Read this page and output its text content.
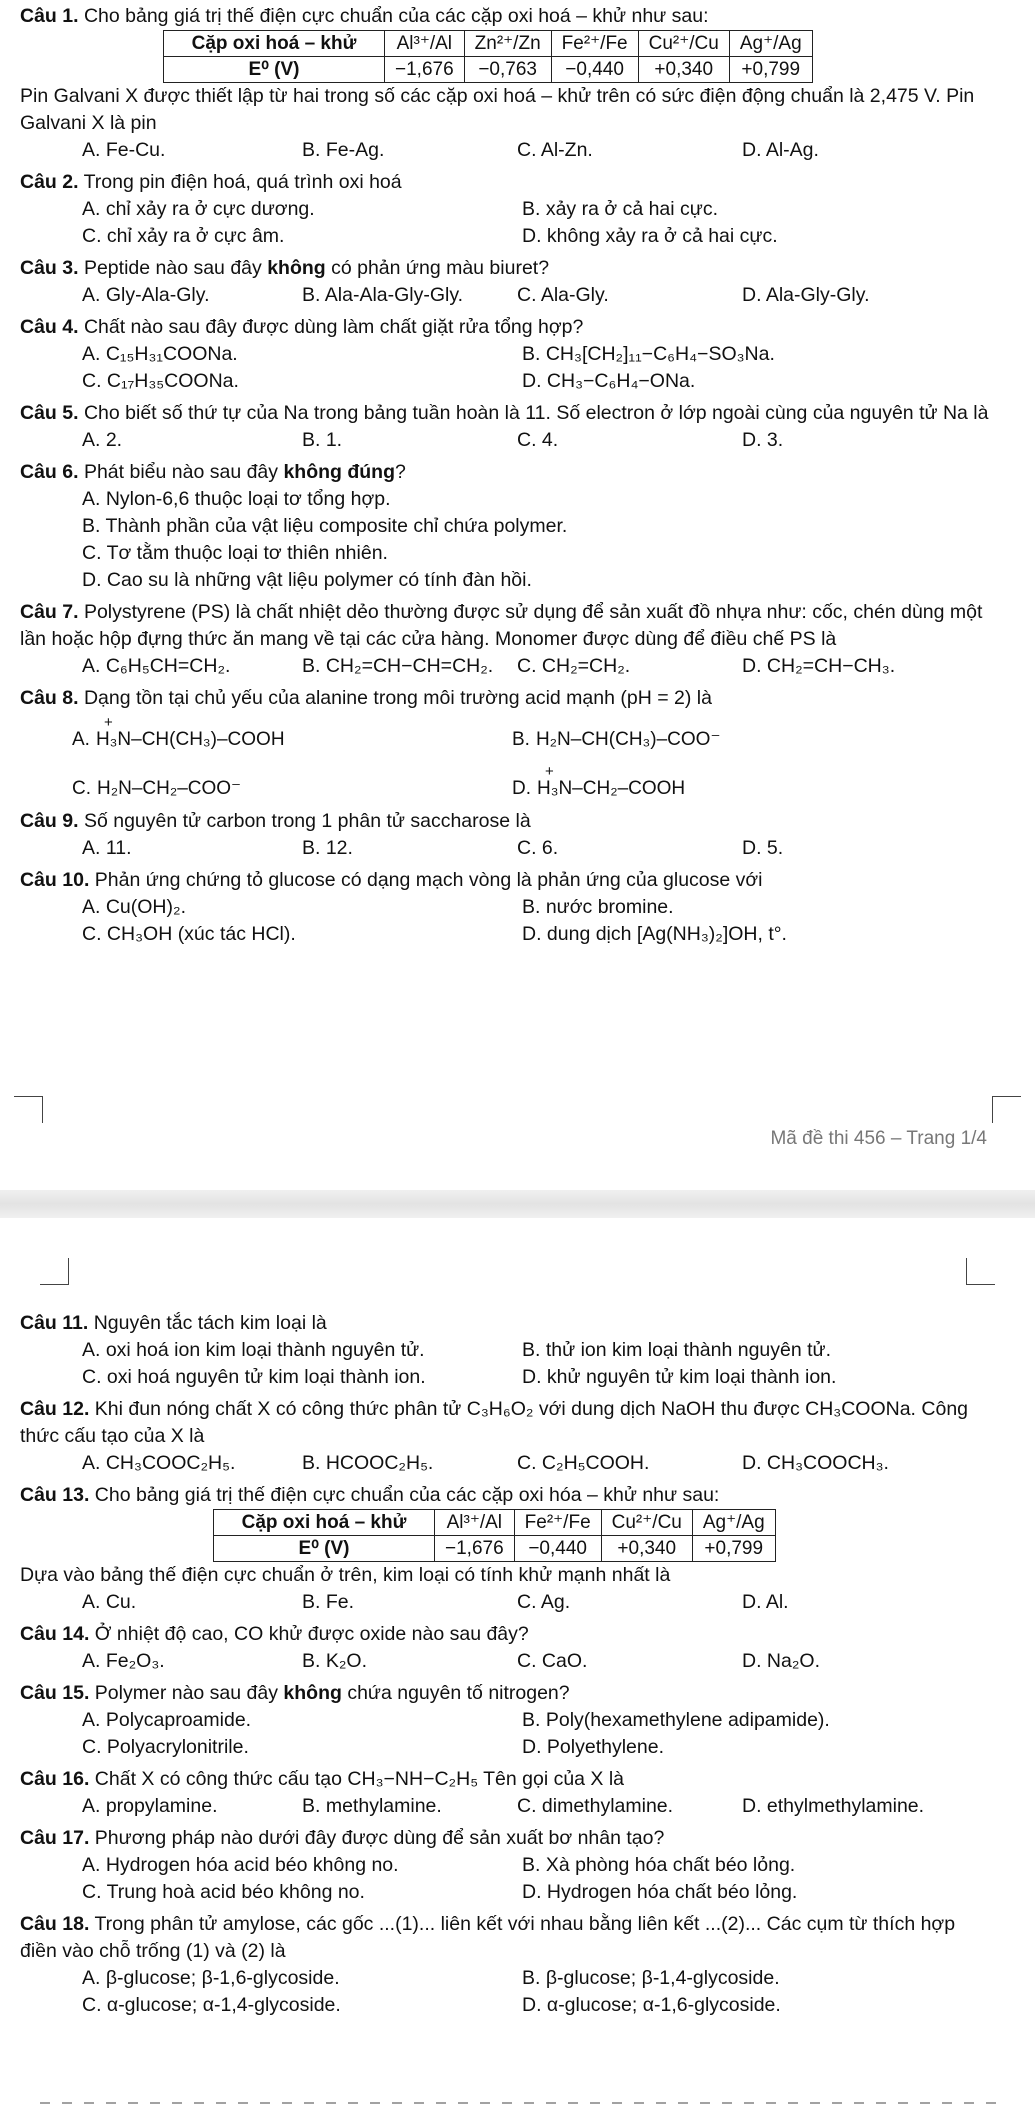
Câu 1. Cho bảng giá trị thế điện cực chuẩn của các cặp oxi hoá – khử như sau:

Cặp oxi hoá – khử	Al³⁺/Al	Zn²⁺/Zn	Fe²⁺/Fe	Cu²⁺/Cu	Ag⁺/Ag
E⁰ (V)	−1,676	−0,763	−0,440	+0,340	+0,799

Pin Galvani X được thiết lập từ hai trong số các cặp oxi hoá – khử trên có sức điện động chuẩn là 2,475 V. Pin Galvani X là pin

A. Fe-Cu.	B. Fe-Ag.	C. Al-Zn.	D. Al-Ag.

Câu 2. Trong pin điện hoá, quá trình oxi hoá

A. chỉ xảy ra ở cực dương.	B. xảy ra ở cả hai cực.
C. chỉ xảy ra ở cực âm.	D. không xảy ra ở cả hai cực.

Câu 3. Peptide nào sau đây không có phản ứng màu biuret?

A. Gly-Ala-Gly.	B. Ala-Ala-Gly-Gly.	C. Ala-Gly.	D. Ala-Gly-Gly.

Câu 4. Chất nào sau đây được dùng làm chất giặt rửa tổng hợp?

A. C₁₅H₃₁COONa.	B. CH₃[CH₂]₁₁−C₆H₄−SO₃Na.
C. C₁₇H₃₅COONa.	D. CH₃−C₆H₄−ONa.

Câu 5. Cho biết số thứ tự của Na trong bảng tuần hoàn là 11. Số electron ở lớp ngoài cùng của nguyên tử Na là

A. 2.	B. 1.	C. 4.	D. 3.

Câu 6. Phát biểu nào sau đây không đúng?

A. Nylon-6,6 thuộc loại tơ tổng hợp.
B. Thành phần của vật liệu composite chỉ chứa polymer.
C. Tơ tằm thuộc loại tơ thiên nhiên.
D. Cao su là những vật liệu polymer có tính đàn hồi.

Câu 7. Polystyrene (PS) là chất nhiệt dẻo thường được sử dụng để sản xuất đồ nhựa như: cốc, chén dùng một lần hoặc hộp đựng thức ăn mang về tại các cửa hàng. Monomer được dùng để điều chế PS là

A. C₆H₅CH=CH₂.	B. CH₂=CH−CH=CH₂.	C. CH₂=CH₂.	D. CH₂=CH−CH₃.

Câu 8. Dạng tồn tại chủ yếu của alanine trong môi trường acid mạnh (pH = 2) là

A.
+
H₃N–CH(CH₃)–COOH	B. H₂N–CH(CH₃)–COO⁻
C. H₂N–CH₂–COO⁻	D.
+
H₃N–CH₂–COOH

Câu 9. Số nguyên tử carbon trong 1 phân tử saccharose là

A. 11.	B. 12.	C. 6.	D. 5.

Câu 10. Phản ứng chứng tỏ glucose có dạng mạch vòng là phản ứng của glucose với

A. Cu(OH)₂.	B. nước bromine.
C. CH₃OH (xúc tác HCl).	D. dung dịch [Ag(NH₃)₂]OH, t°.
Mã đề thi 456 – Trang 1/4

Câu 11. Nguyên tắc tách kim loại là

A. oxi hoá ion kim loại thành nguyên tử.	B. thử ion kim loại thành nguyên tử.
C. oxi hoá nguyên tử kim loại thành ion.	D. khử nguyên tử kim loại thành ion.

Câu 12. Khi đun nóng chất X có công thức phân tử C₃H₆O₂ với dung dịch NaOH thu được CH₃COONa. Công thức cấu tạo của X là

A. CH₃COOC₂H₅.	B. HCOOC₂H₅.	C. C₂H₅COOH.	D. CH₃COOCH₃.

Câu 13. Cho bảng giá trị thế điện cực chuẩn của các cặp oxi hóa – khử như sau:

Cặp oxi hoá – khử	Al³⁺/Al	Fe²⁺/Fe	Cu²⁺/Cu	Ag⁺/Ag
E⁰ (V)	−1,676	−0,440	+0,340	+0,799

Dựa vào bảng thế điện cực chuẩn ở trên, kim loại có tính khử mạnh nhất là

A. Cu.	B. Fe.	C. Ag.	D. Al.

Câu 14. Ở nhiệt độ cao, CO khử được oxide nào sau đây?

A. Fe₂O₃.	B. K₂O.	C. CaO.	D. Na₂O.

Câu 15. Polymer nào sau đây không chứa nguyên tố nitrogen?

A. Polycaproamide.	B. Poly(hexamethylene adipamide).
C. Polyacrylonitrile.	D. Polyethylene.

Câu 16. Chất X có công thức cấu tạo CH₃−NH−C₂H₅ Tên gọi của X là

A. propylamine.	B. methylamine.	C. dimethylamine.	D. ethylmethylamine.

Câu 17. Phương pháp nào dưới đây được dùng để sản xuất bơ nhân tạo?

A. Hydrogen hóa acid béo không no.	B. Xà phòng hóa chất béo lỏng.
C. Trung hoà acid béo không no.	D. Hydrogen hóa chất béo lỏng.

Câu 18. Trong phân tử amylose, các gốc ...(1)... liên kết với nhau bằng liên kết ...(2)... Các cụm từ thích hợp điền vào chỗ trống (1) và (2) là

A. β-glucose; β-1,6-glycoside.	B. β-glucose; β-1,4-glycoside.
C. α-glucose; α-1,4-glycoside.	D. α-glucose; α-1,6-glycoside.
